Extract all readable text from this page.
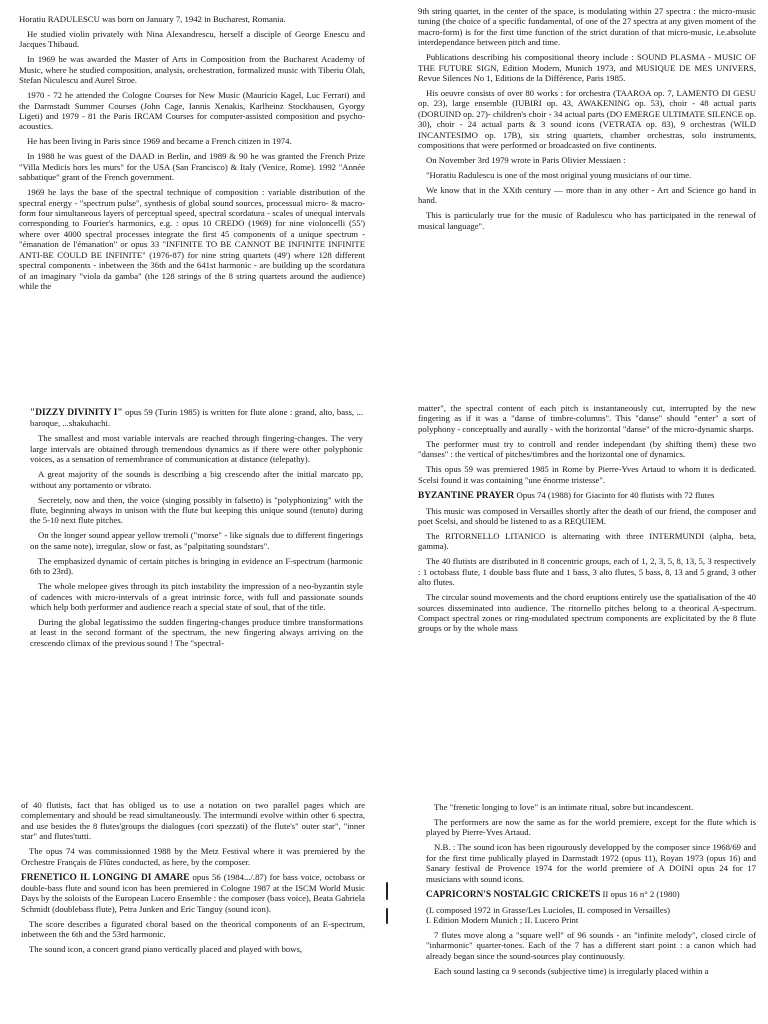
Horatiu RADULESCU was born on January 7, 1942 in Bucharest, Romania.

He studied violin privately with Nina Alexandrescu, herself a disciple of George Enescu and Jacques Thibaud.

In 1969 he was awarded the Master of Arts in Composition from the Bucharest Academy of Music, where he studied composition, analysis, orchestration, formalized music with Tiberiu Olah, Stefan Niculescu and Aurel Stroe.

1970 - 72 he attended the Cologne Courses for New Music (Mauricio Kagel, Luc Ferrari) and the Darmstadt Summer Courses (John Cage, Iannis Xenakis, Karlheinz Stockhausen, Gyorgy Ligeti) and 1979 - 81 the Paris IRCAM Courses for computer-assisted composition and psycho-acoustics.

He has been living in Paris since 1969 and became a French citizen in 1974.

In 1988 he was guest of the DAAD in Berlin, and 1989 & 90 he was granted the French Prize "Villa Medicis hors les murs" for the USA (San Francisco) & Italy (Venice, Rome). 1992 "Année sabbatique" grant of the French government.

1969 he lays the base of the spectral technique of composition : variable distribution of the spectral energy - "spectrum pulse", synthesis of global sound sources, processual micro- & macro-form four simultaneous layers of perceptual speed, spectral scordatura - scales of unequal intervals corresponding to Fourier's harmonics, e.g. : opus 10 CREDO (1969) for nine violoncelli (55') where over 4000 spectral processes integrate the first 45 components of a unique spectrum - "émanation de l'émanation" or opus 33 "INFINITE TO BE CANNOT BE INFINITE INFINITE ANTI-BE COULD BE INFINITE" (1976-87) for nine string quartets (49') where 128 different spectral components - inbetween the 36th and the 641st harmonic - are building up the scordatura of an imaginary "viola da gamba" (the 128 strings of the 8 string quartets around the audience) while the

9th string quartet, in the center of the space, is modulating within 27 spectra : the micro-music tuning (the choice of a specific fundamental, of one of the 27 spectra at any given moment of the macro-form) is for the first time function of the strict duration of that micro-music, i.e.absolute interdependance between pitch and time.

Publications describing his compositional theory include : SOUND PLASMA - MUSIC OF THE FUTURE SIGN, Edition Modern, Munich 1973, and MUSIQUE DE MES UNIVERS, Revue Silences No 1, Editions de la Différence, Paris 1985.

His oeuvre consists of over 80 works : for orchestra (TAAROA op. 7, LAMENTO DI GESU op. 23), large ensemble (IUBIRI op. 43, AWAKENING op. 53), choir - 48 actual parts (DORUIND op. 27)- children's choir - 34 actual parts (DO EMERGE ULTIMATE SILENCE op. 30), choir - 24 actual parts & 3 sound icons (VETRATA op. 83), 9 orchestras (WILD INCANTESIMO op. 17B), six string quartets, chamber orchestras, solo instruments, compositions that were performed or broadcasted on five continents.

On November 3rd 1979 wrote in Paris Olivier Messiaen :

"Horatiu Radulescu is one of the most original young musicians of our time.

We know that in the XXth century — more than in any other - Art and Science go hand in hand.

This is particularly true for the music of Radulescu who has participated in the renewal of musical language".

"DIZZY DIVINITY I" opus 59 (Turin 1985) is written for flute alone : grand, alto, bass, ... baroque, ...shakuhachi.

The smallest and most variable intervals are reached through fingering-changes. The very large intervals are obtained through tremendous dynamics as if there were other polyphonic voices, as a sensation of remembrance of communication at distance (telepathy).

A great majority of the sounds is describing a big crescendo after the initial marcato pp, without any portamento or vibrato.

Secretely, now and then, the voice (singing possibly in falsetto) is "polyphonizing" with the flute, beginning always in unison with the flute but keeping this unique sound (tenuto) during the 5-10 next flute pitches.

On the longer sound appear yellow tremoli ("morse" - like signals due to different fingerings on the same note), irregular, slow or fast, as "palpitating soundstars".

The emphasized dynamic of certain pitches is bringing in evidence an F-spectrum (harmonic 6th to 23rd).

The whole melopee gives through its pitch instability the impression of a neo-byzantin style of cadences with micro-intervals of a great intrinsic force, with full and passionate sounds which help both performer and audience reach a special state of soul, that of the title.

During the global legatissimo the sudden fingering-changes produce timbre transformations at least in the second formant of the spectrum, the new fingering always arriving on the crescendo climax of the previous sound ! The "spectral-

matter", the spectral content of each pitch is instantaneously cut, interrupted by the new fingering as if it was a "danse of timbre-columns". This "danse" should "enter" a sort of polyphony - conceptually and aurally - with the horizontal "danse" of the micro-dynamic sharps.

The performer must try to controll and render independant (by shifting them) these two "danses" : the vertical of pitches/timbres and the horizontal one of dynamics.

This opus 59 was premiered 1985 in Rome by Pierre-Yves Artaud to whom it is dedicated. Scelsi found it was containing "une énorme tristesse".

BYZANTINE PRAYER Opus 74 (1988) for Giacinto for 40 flutists with 72 flutes

This music was composed in Versailles shortly after the death of our friend, the composer and poet Scelsi, and should be listened to as a REQUIEM.

The RITORNELLO LITANICO is alternating with three INTERMUNDI (alpha, beta, gamma).

The 40 flutists are distributed in 8 concentric groups, each of 1, 2, 3, 5, 8, 13, 5, 3 respectively : 1 octobass flute, 1 double bass flute and 1 bass, 3 alto flutes, 5 bass, 8, 13 and 5 grand, 3 other alto flutes.

The circular sound movements and the chord eruptions entirely use the spatialisation of the 40 sources disseminated into audience. The ritornello pitches belong to a theorical A-spectrum. Compact spectral zones or ring-modulated spectrum components are explicitated by the 8 flute groups or by the whole mass

of 40 flutists, fact that has obliged us to use a notation on two parallel pages which are complementary and should be read simultaneously. The intermundi evolve within other 6 spectra, and use besides the 8 flutes'groups the dialogues (cori spezzati) of the flute's" outer star", "inner star" and flutes'tutti.

The opus 74 was commissionned 1988 by the Metz Festival where it was premiered by the Orchestre Français de Flûtes conducted, as here, by the composer.

FRENETICO IL LONGING DI AMARE opus 56 (1984.../.87) for bass voice, octobass or double-bass flute and sound icon has been premiered in Cologne 1987 at the ISCM World Music Days by the soloists of the European Lucero Ensemble : the composer (bass voice), Beata Gabriela Schmidt (doublebass flute), Petra Junken and Eric Tanguy (sound icon).

The score describes a figurated choral based on the theorical components of an E-spectrum, inbetween the 6th and the 53rd harmonic.

The sound icon, a concert grand piano vertically placed and played with bows,

The "frenetic longing to love" is an intimate ritual, sobre but incandescent.

The performers are now the same as for the world premiere, except for the flute which is played by Pierre-Yves Artaud.

N.B. : The sound icon has been rigourously developped by the composer since 1968/69 and for the first time publically played in Darmstadt 1972 (opus 11), Royan 1973 (opus 16) and Sanary festival de Provence 1974 for the world premiere of A DOINI opus 24 for 17 musicians with sound icons.

CAPRICORN'S NOSTALGIC CRICKETS II opus 16 n° 2 (1980)

(I. composed 1972 in Grasse/Les Lucioles, II. composed in Versailles)

I. Edition Modern Munich ; II. Lucero Print

7 flutes move along a "square well" of 96 sounds - an "infinite melody", closed circle of "inharmonic" quarter-tones. Each of the 7 has a different start point : a canon which had already began since the sound-sources play continuously.

Each sound lasting ca 9 seconds (subjective time) is irregularly placed within a
